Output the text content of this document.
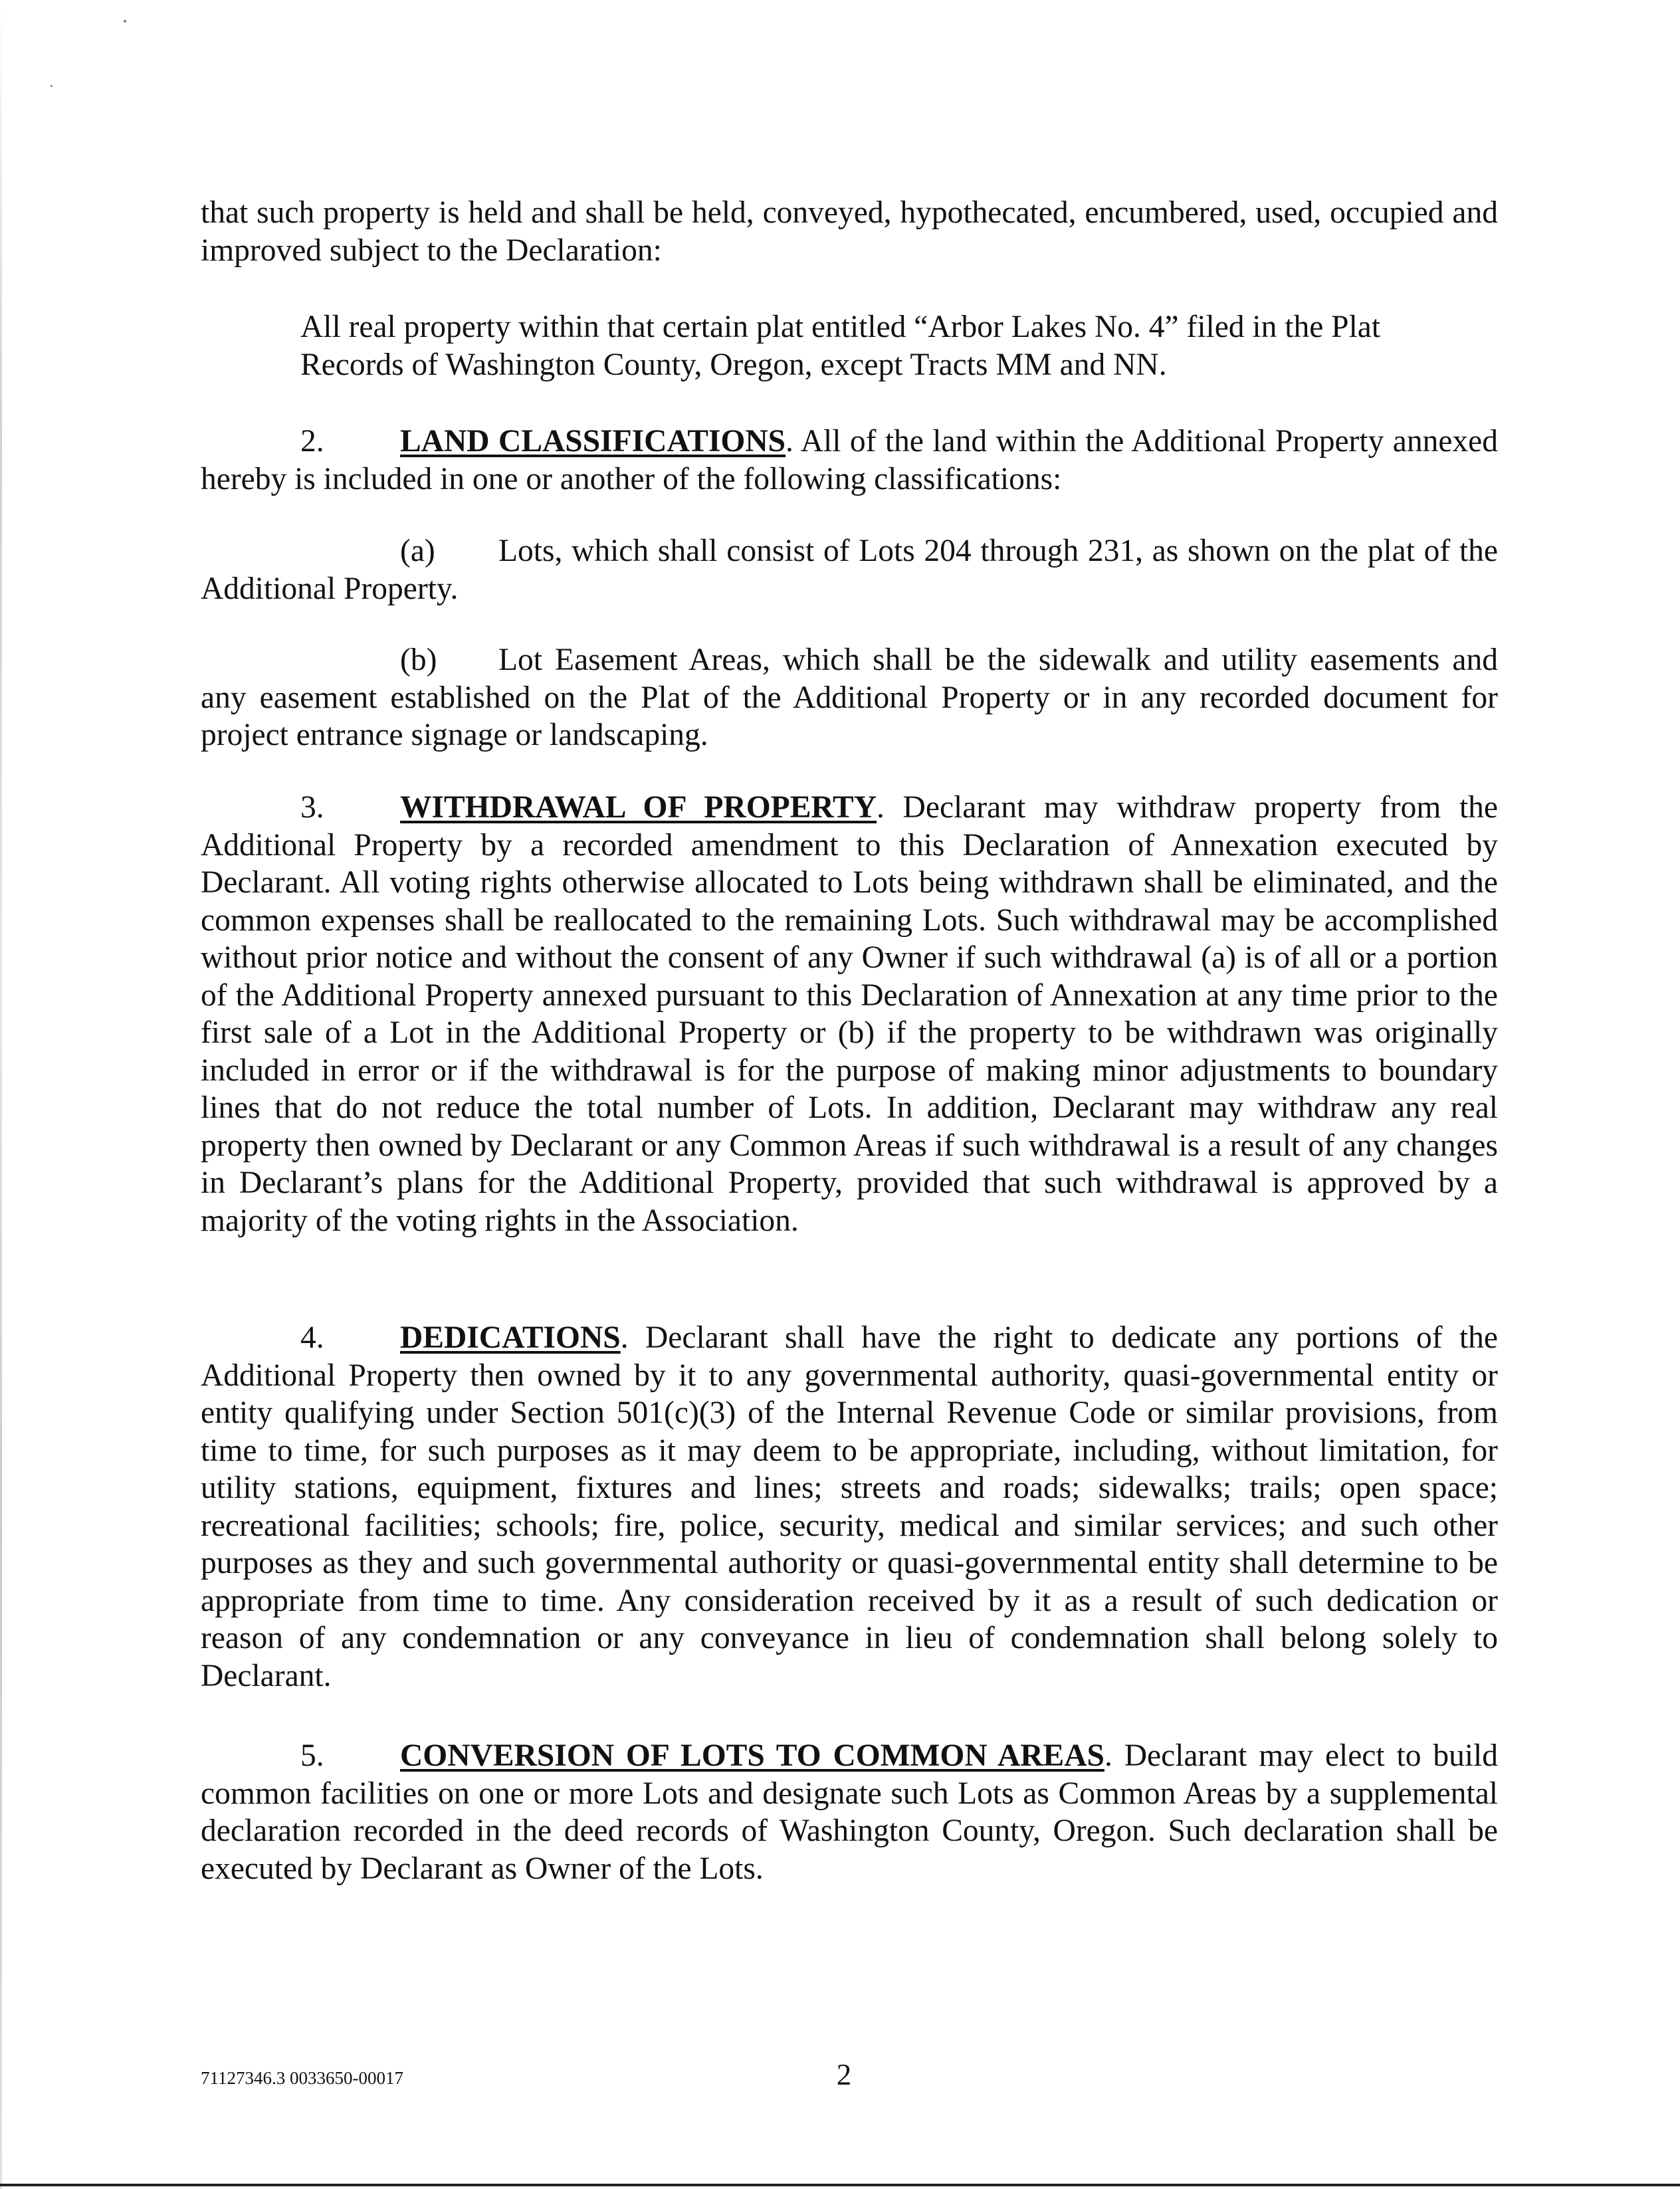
that such property is held and shall be held, conveyed, hypothecated, encumbered, used, occupied and improved subject to the Declaration:

All real property within that certain plat entitled “Arbor Lakes No. 4” filed in the Plat Records of Washington County, Oregon, except Tracts MM and NN.

2. LAND CLASSIFICATIONS. All of the land within the Additional Property annexed hereby is included in one or another of the following classifications:

(a) Lots, which shall consist of Lots 204 through 231, as shown on the plat of the Additional Property.

(b) Lot Easement Areas, which shall be the sidewalk and utility easements and any easement established on the Plat of the Additional Property or in any recorded document for project entrance signage or landscaping.

3. WITHDRAWAL OF PROPERTY. Declarant may withdraw property from the Additional Property by a recorded amendment to this Declaration of Annexation executed by Declarant. All voting rights otherwise allocated to Lots being withdrawn shall be eliminated, and the common expenses shall be reallocated to the remaining Lots. Such withdrawal may be accomplished without prior notice and without the consent of any Owner if such withdrawal (a) is of all or a portion of the Additional Property annexed pursuant to this Declaration of Annexation at any time prior to the first sale of a Lot in the Additional Property or (b) if the property to be withdrawn was originally included in error or if the withdrawal is for the purpose of making minor adjustments to boundary lines that do not reduce the total number of Lots. In addition, Declarant may withdraw any real property then owned by Declarant or any Common Areas if such withdrawal is a result of any changes in Declarant’s plans for the Additional Property, provided that such withdrawal is approved by a majority of the voting rights in the Association.

4. DEDICATIONS. Declarant shall have the right to dedicate any portions of the Additional Property then owned by it to any governmental authority, quasi-governmental entity or entity qualifying under Section 501(c)(3) of the Internal Revenue Code or similar provisions, from time to time, for such purposes as it may deem to be appropriate, including, without limitation, for utility stations, equipment, fixtures and lines; streets and roads; sidewalks; trails; open space; recreational facilities; schools; fire, police, security, medical and similar services; and such other purposes as they and such governmental authority or quasi-governmental entity shall determine to be appropriate from time to time. Any consideration received by it as a result of such dedication or reason of any condemnation or any conveyance in lieu of condemnation shall belong solely to Declarant.

5. CONVERSION OF LOTS TO COMMON AREAS. Declarant may elect to build common facilities on one or more Lots and designate such Lots as Common Areas by a supplemental declaration recorded in the deed records of Washington County, Oregon. Such declaration shall be executed by Declarant as Owner of the Lots.

71127346.3 0033650-00017	2
